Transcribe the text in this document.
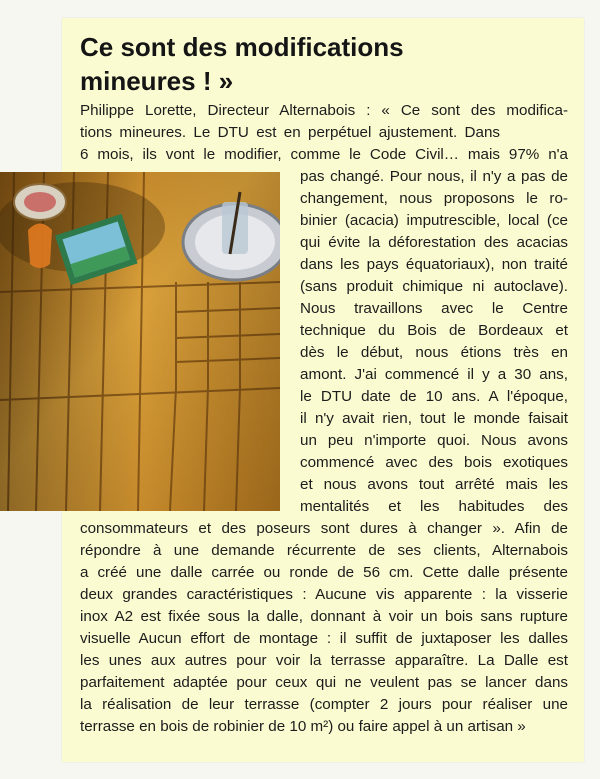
Ce sont des modifications
mineures ! »
Philippe Lorette, Directeur Alternabois : « Ce sont des modifica-
tions mineures. Le DTU est en perpétuel ajustement. Dans
6 mois, ils vont le modifier, comme le Code Civil… mais 97% n'a
pas changé. Pour nous, il n'y a pas de
changement, nous proposons le ro-
binier (acacia) imputrescible, local (ce
qui évite la déforestation des acacias
dans les pays équatoriaux), non traité
(sans produit chimique ni autoclave).
Nous travaillons avec le Centre
technique du Bois de Bordeaux et
dès le début, nous étions très en
amont. J'ai commencé il y a 30 ans,
le DTU date de 10 ans. A l'époque,
il n'y avait rien, tout le monde faisait
un peu n'importe quoi. Nous avons
commencé avec des bois exotiques
et nous avons tout arrêté mais les
mentalités et les habitudes des
consommateurs et des poseurs sont dures à changer ». Afin de
répondre à une demande récurrente de ses clients, Alternabois
a créé une dalle carrée ou ronde de 56 cm. Cette dalle présente
deux grandes caractéristiques : Aucune vis apparente : la visserie
inox A2 est fixée sous la dalle, donnant à voir un bois sans rupture
visuelle Aucun effort de montage : il suffit de juxtaposer les dalles
les unes aux autres pour voir la terrasse apparaître. La Dalle est
parfaitement adaptée pour ceux qui ne veulent pas se lancer dans
la réalisation de leur terrasse (compter 2 jours pour réaliser une
terrasse en bois de robinier de 10 m²) ou faire appel à un artisan »
